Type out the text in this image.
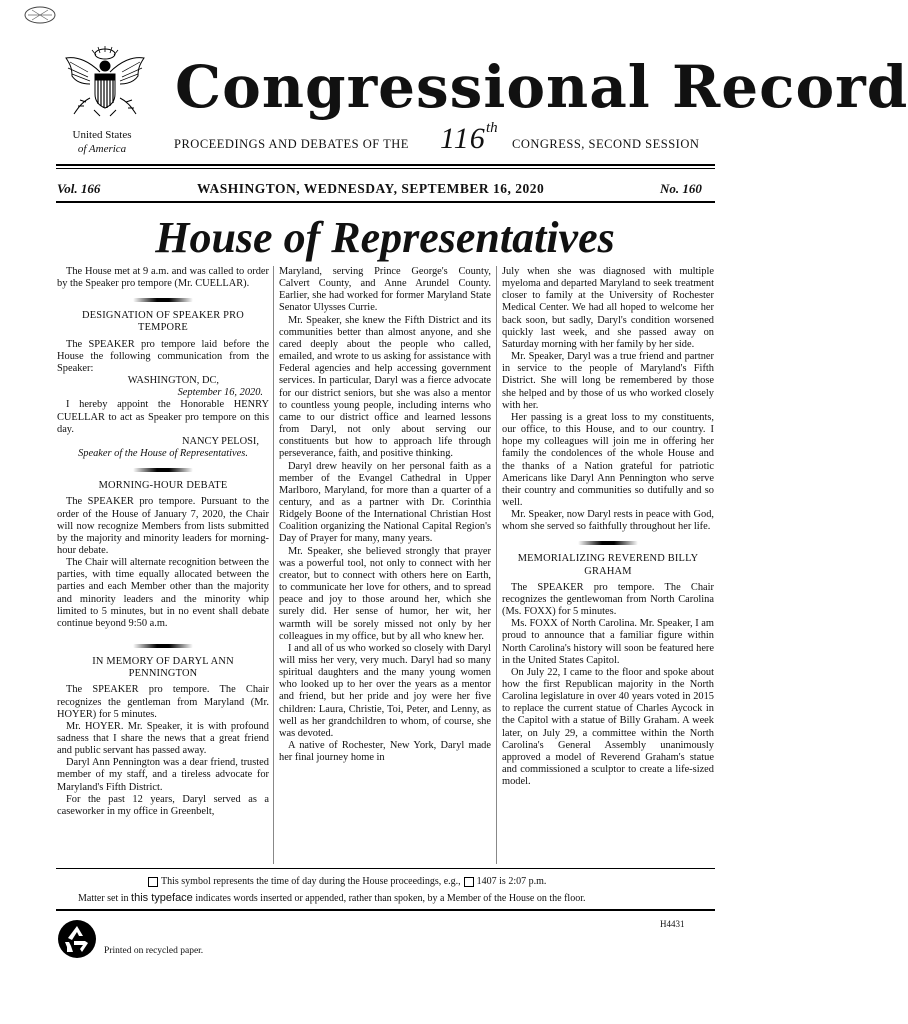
Congressional Record
United States
of America	PROCEEDINGS AND DEBATES OF THE 116 th
CONGRESS, SECOND SESSION
Vol. 166	WASHINGTON, WEDNESDAY, SEPTEMBER 16, 2020	No. 160
House of Representatives

The House met at 9 a.m. and was called to order by the Speaker pro tempore (Mr. CUELLAR).

DESIGNATION OF SPEAKER PRO TEMPORE

The SPEAKER pro tempore laid before the House the following communication from the Speaker:

WASHINGTON, DC,

September 16, 2020.

I hereby appoint the Honorable HENRY CUELLAR to act as Speaker pro tempore on this day.

NANCY PELOSI,

Speaker of the House of Representatives.

MORNING-HOUR DEBATE

The SPEAKER pro tempore. Pursuant to the order of the House of January 7, 2020, the Chair will now recognize Members from lists submitted by the majority and minority leaders for morning-hour debate.

The Chair will alternate recognition between the parties, with time equally allocated between the parties and each Member other than the majority and minority leaders and the minority whip limited to 5 minutes, but in no event shall debate continue beyond 9:50 a.m.

IN MEMORY OF DARYL ANN PENNINGTON

The SPEAKER pro tempore. The Chair recognizes the gentleman from Maryland (Mr. HOYER) for 5 minutes.

Mr. HOYER. Mr. Speaker, it is with profound sadness that I share the news that a great friend and public servant has passed away.

Daryl Ann Pennington was a dear friend, trusted member of my staff, and a tireless advocate for Maryland's Fifth District.

For the past 12 years, Daryl served as a caseworker in my office in Greenbelt,

Maryland, serving Prince George's County, Calvert County, and Anne Arundel County. Earlier, she had worked for former Maryland State Senator Ulysses Currie.

Mr. Speaker, she knew the Fifth District and its communities better than almost anyone, and she cared deeply about the people who called, emailed, and wrote to us asking for assistance with Federal agencies and help accessing government services. In particular, Daryl was a fierce advocate for our district seniors, but she was also a mentor to countless young people, including interns who came to our district office and learned lessons from Daryl, not only about serving our constituents but how to approach life through perseverance, faith, and positive thinking.

Daryl drew heavily on her personal faith as a member of the Evangel Cathedral in Upper Marlboro, Maryland, for more than a quarter of a century, and as a partner with Dr. Corinthia Ridgely Boone of the International Christian Host Coalition organizing the National Capital Region's Day of Prayer for many, many years.

Mr. Speaker, she believed strongly that prayer was a powerful tool, not only to connect with her creator, but to connect with others here on Earth, to communicate her love for others, and to spread peace and joy to those around her, which she surely did. Her sense of humor, her wit, her warmth will be sorely missed not only by her colleagues in my office, but by all who knew her.

I and all of us who worked so closely with Daryl will miss her very, very much. Daryl had so many spiritual daughters and the many young women who looked up to her over the years as a mentor and friend, but her pride and joy were her five children: Laura, Christie, Toi, Peter, and Lenny, as well as her grandchildren to whom, of course, she was devoted.

A native of Rochester, New York, Daryl made her final journey home in

July when she was diagnosed with multiple myeloma and departed Maryland to seek treatment closer to family at the University of Rochester Medical Center. We had all hoped to welcome her back soon, but sadly, Daryl's condition worsened quickly last week, and she passed away on Saturday morning with her family by her side.

Mr. Speaker, Daryl was a true friend and partner in service to the people of Maryland's Fifth District. She will long be remembered by those she helped and by those of us who worked closely with her.

Her passing is a great loss to my constituents, our office, to this House, and to our country. I hope my colleagues will join me in offering her family the condolences of the whole House and the thanks of a Nation grateful for patriotic Americans like Daryl Ann Pennington who serve their country and communities so dutifully and so well.

Mr. Speaker, now Daryl rests in peace with God, whom she served so faithfully throughout her life.

MEMORIALIZING REVEREND BILLY GRAHAM

The SPEAKER pro tempore. The Chair recognizes the gentlewoman from North Carolina (Ms. FOXX) for 5 minutes.

Ms. FOXX of North Carolina. Mr. Speaker, I am proud to announce that a familiar figure within North Carolina's history will soon be featured here in the United States Capitol.

On July 22, I came to the floor and spoke about how the first Republican majority in the North Carolina legislature in over 40 years voted in 2015 to replace the current statue of Charles Aycock in the Capitol with a statue of Billy Graham. A week later, on July 29, a committee within the North Carolina's General Assembly unanimously approved a model of Reverend Graham's statue and commissioned a sculptor to create a life-sized model.

This symbol represents the time of day during the House proceedings, e.g., 1407 is 2:07 p.m.
Matter set in this typeface indicates words inserted or appended, rather than spoken, by a Member of the House on the floor.
H4431
Printed on recycled paper.
